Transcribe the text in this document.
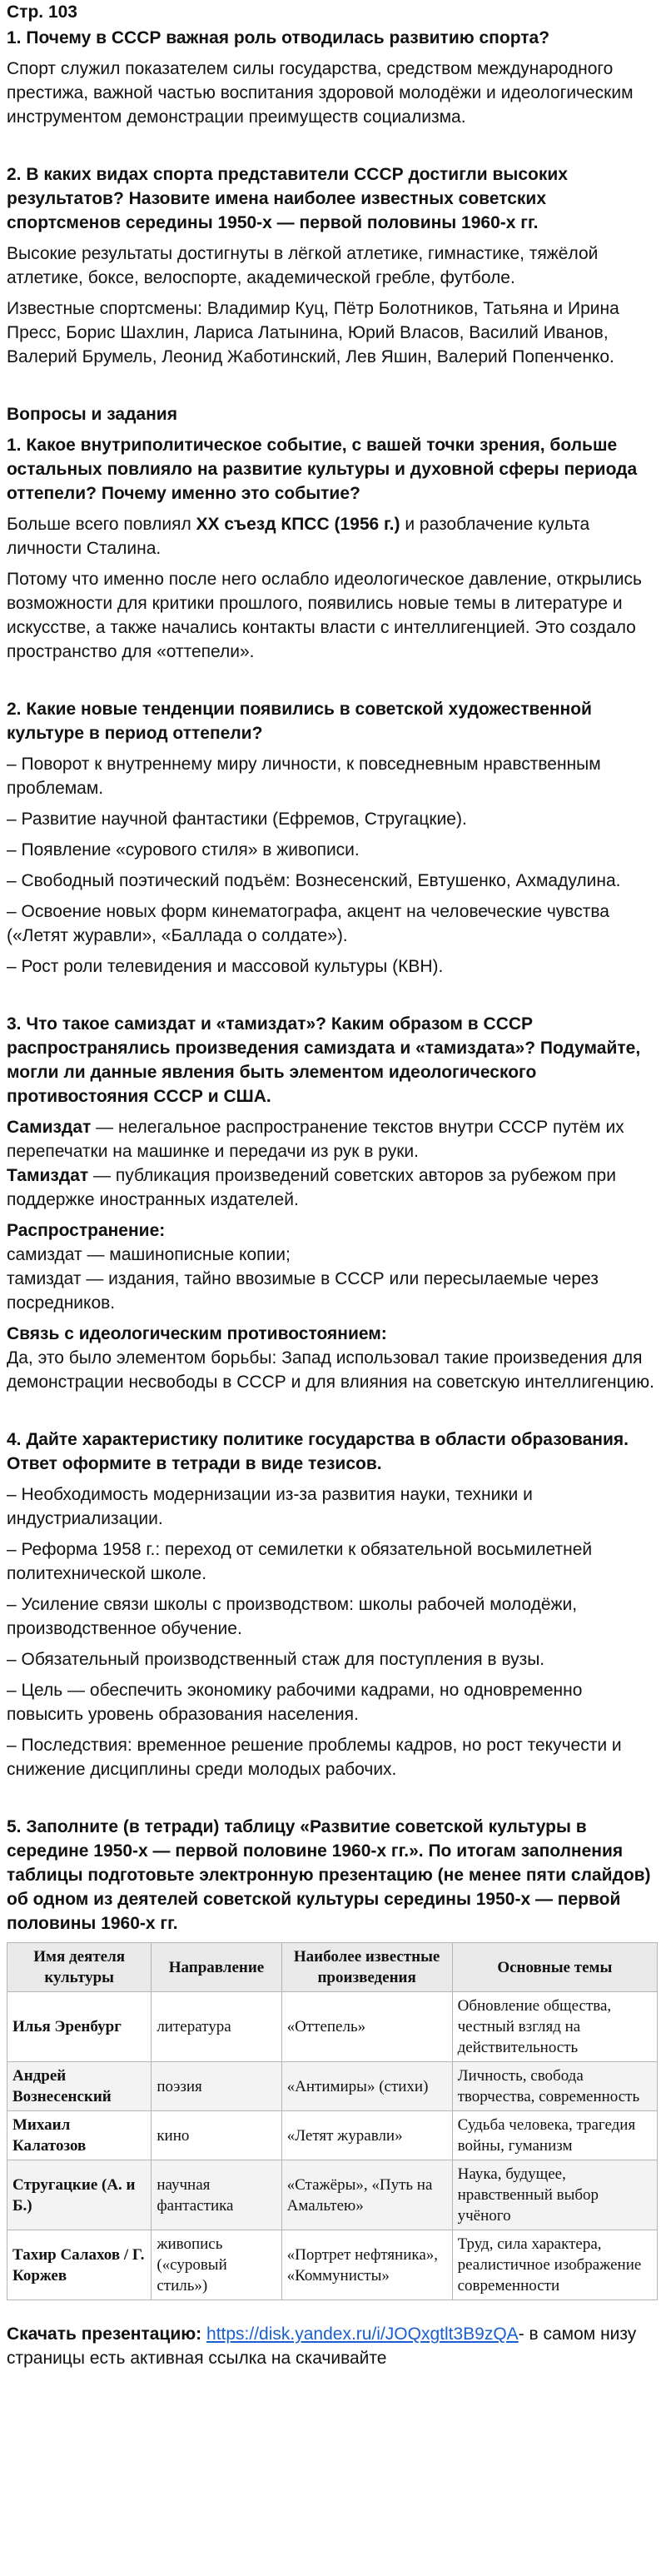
Стр. 103
1. Почему в СССР важная роль отводилась развитию спорта?
Спорт служил показателем силы государства, средством международного престижа, важной частью воспитания здоровой молодёжи и идеологическим инструментом демонстрации преимуществ социализма.
2. В каких видах спорта представители СССР достигли высоких результатов? Назовите имена наиболее известных советских спортсменов середины 1950-х — первой половины 1960-х гг.
Высокие результаты достигнуты в лёгкой атлетике, гимнастике, тяжёлой атлетике, боксе, велоспорте, академической гребле, футболе.
Известные спортсмены: Владимир Куц, Пётр Болотников, Татьяна и Ирина Пресс, Борис Шахлин, Лариса Латынина, Юрий Власов, Василий Иванов, Валерий Брумель, Леонид Жаботинский, Лев Яшин, Валерий Попенченко.
Вопросы и задания
1. Какое внутриполитическое событие, с вашей точки зрения, больше остальных повлияло на развитие культуры и духовной сферы периода оттепели? Почему именно это событие?
Больше всего повлиял XX съезд КПСС (1956 г.) и разоблачение культа личности Сталина.
Потому что именно после него ослабло идеологическое давление, открылись возможности для критики прошлого, появились новые темы в литературе и искусстве, а также начались контакты власти с интеллигенцией. Это создало пространство для «оттепели».
2. Какие новые тенденции появились в советской художественной культуре в период оттепели?
– Поворот к внутреннему миру личности, к повседневным нравственным проблемам.
– Развитие научной фантастики (Ефремов, Стругацкие).
– Появление «сурового стиля» в живописи.
– Свободный поэтический подъём: Вознесенский, Евтушенко, Ахмадулина.
– Освоение новых форм кинематографа, акцент на человеческие чувства («Летят журавли», «Баллада о солдате»).
– Рост роли телевидения и массовой культуры (КВН).
3. Что такое самиздат и «тамиздат»? Каким образом в СССР распространялись произведения самиздата и «тамиздата»? Подумайте, могли ли данные явления быть элементом идеологического противостояния СССР и США.
Самиздат — нелегальное распространение текстов внутри СССР путём их перепечатки на машинке и передачи из рук в руки.
Тамиздат — публикация произведений советских авторов за рубежом при поддержке иностранных издателей.
Распространение:
самиздат — машинописные копии;
тамиздат — издания, тайно ввозимые в СССР или пересылаемые через посредников.
Связь с идеологическим противостоянием:
Да, это было элементом борьбы: Запад использовал такие произведения для демонстрации несвободы в СССР и для влияния на советскую интеллигенцию.
4. Дайте характеристику политике государства в области образования. Ответ оформите в тетради в виде тезисов.
– Необходимость модернизации из-за развития науки, техники и индустриализации.
– Реформа 1958 г.: переход от семилетки к обязательной восьмилетней политехнической школе.
– Усиление связи школы с производством: школы рабочей молодёжи, производственное обучение.
– Обязательный производственный стаж для поступления в вузы.
– Цель — обеспечить экономику рабочими кадрами, но одновременно повысить уровень образования населения.
– Последствия: временное решение проблемы кадров, но рост текучести и снижение дисциплины среди молодых рабочих.
5. Заполните (в тетради) таблицу «Развитие советской культуры в середине 1950-х — первой половине 1960-х гг.». По итогам заполнения таблицы подготовьте электронную презентацию (не менее пяти слайдов) об одном из деятелей советской культуры середины 1950-х — первой половины 1960-х гг.
Имя деятеля культуры	Направление	Наиболее известные произведения	Основные темы
Илья Эренбург	литература	«Оттепель»	Обновление общества, честный взгляд на действительность
Андрей Вознесенский	поэзия	«Антимиры» (стихи)	Личность, свобода творчества, современность
Михаил Калатозов	кино	«Летят журавли»	Судьба человека, трагедия войны, гуманизм
Стругацкие (А. и Б.)	научная фантастика	«Стажёры», «Путь на Амальтею»	Наука, будущее, нравственный выбор учёного
Тахир Салахов / Г. Коржев	живопись («суровый стиль»)	«Портрет нефтяника», «Коммунисты»	Труд, сила характера, реалистичное изображение современности
Скачать презентацию: https://disk.yandex.ru/i/JOQxgtlt3B9zQA- в самом низу страницы есть активная ссылка на скачивайте
